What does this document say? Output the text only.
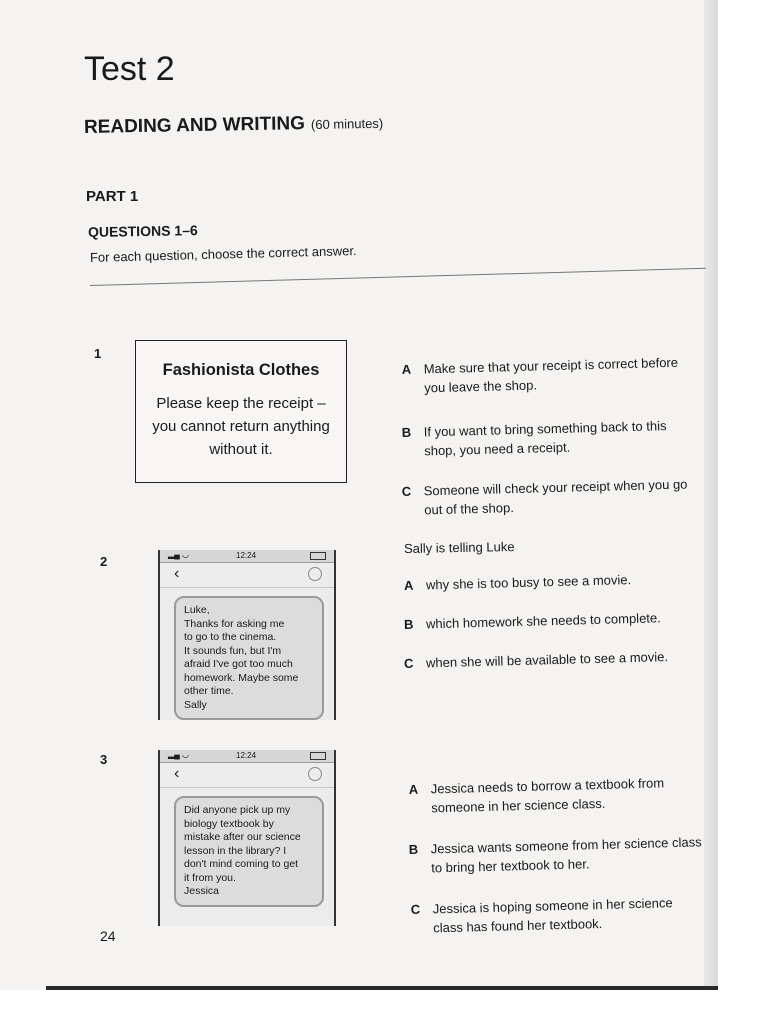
Test 2
READING AND WRITING (60 minutes)
PART 1
QUESTIONS 1–6
For each question, choose the correct answer.
1
Fashionista Clothes
Please keep the receipt – you cannot return anything without it.
A Make sure that your receipt is correct before you leave the shop.
B If you want to bring something back to this shop, you need a receipt.
C Someone will check your receipt when you go out of the shop.
2	▂▄ ◡	12:24
‹
Luke,
Thanks for asking me
to go to the cinema.
It sounds fun, but I'm
afraid I've got too much
homework. Maybe some
other time.
Sally
Sally is telling Luke
A why she is too busy to see a movie.
B which homework she needs to complete.
C when she will be available to see a movie.
3	▂▄ ◡	12:24
‹
Did anyone pick up my
biology textbook by
mistake after our science
lesson in the library? I
don't mind coming to get
it from you.
Jessica
A Jessica needs to borrow a textbook from someone in her science class.
B Jessica wants someone from her science class to bring her textbook to her.
C Jessica is hoping someone in her science class has found her textbook.
24
